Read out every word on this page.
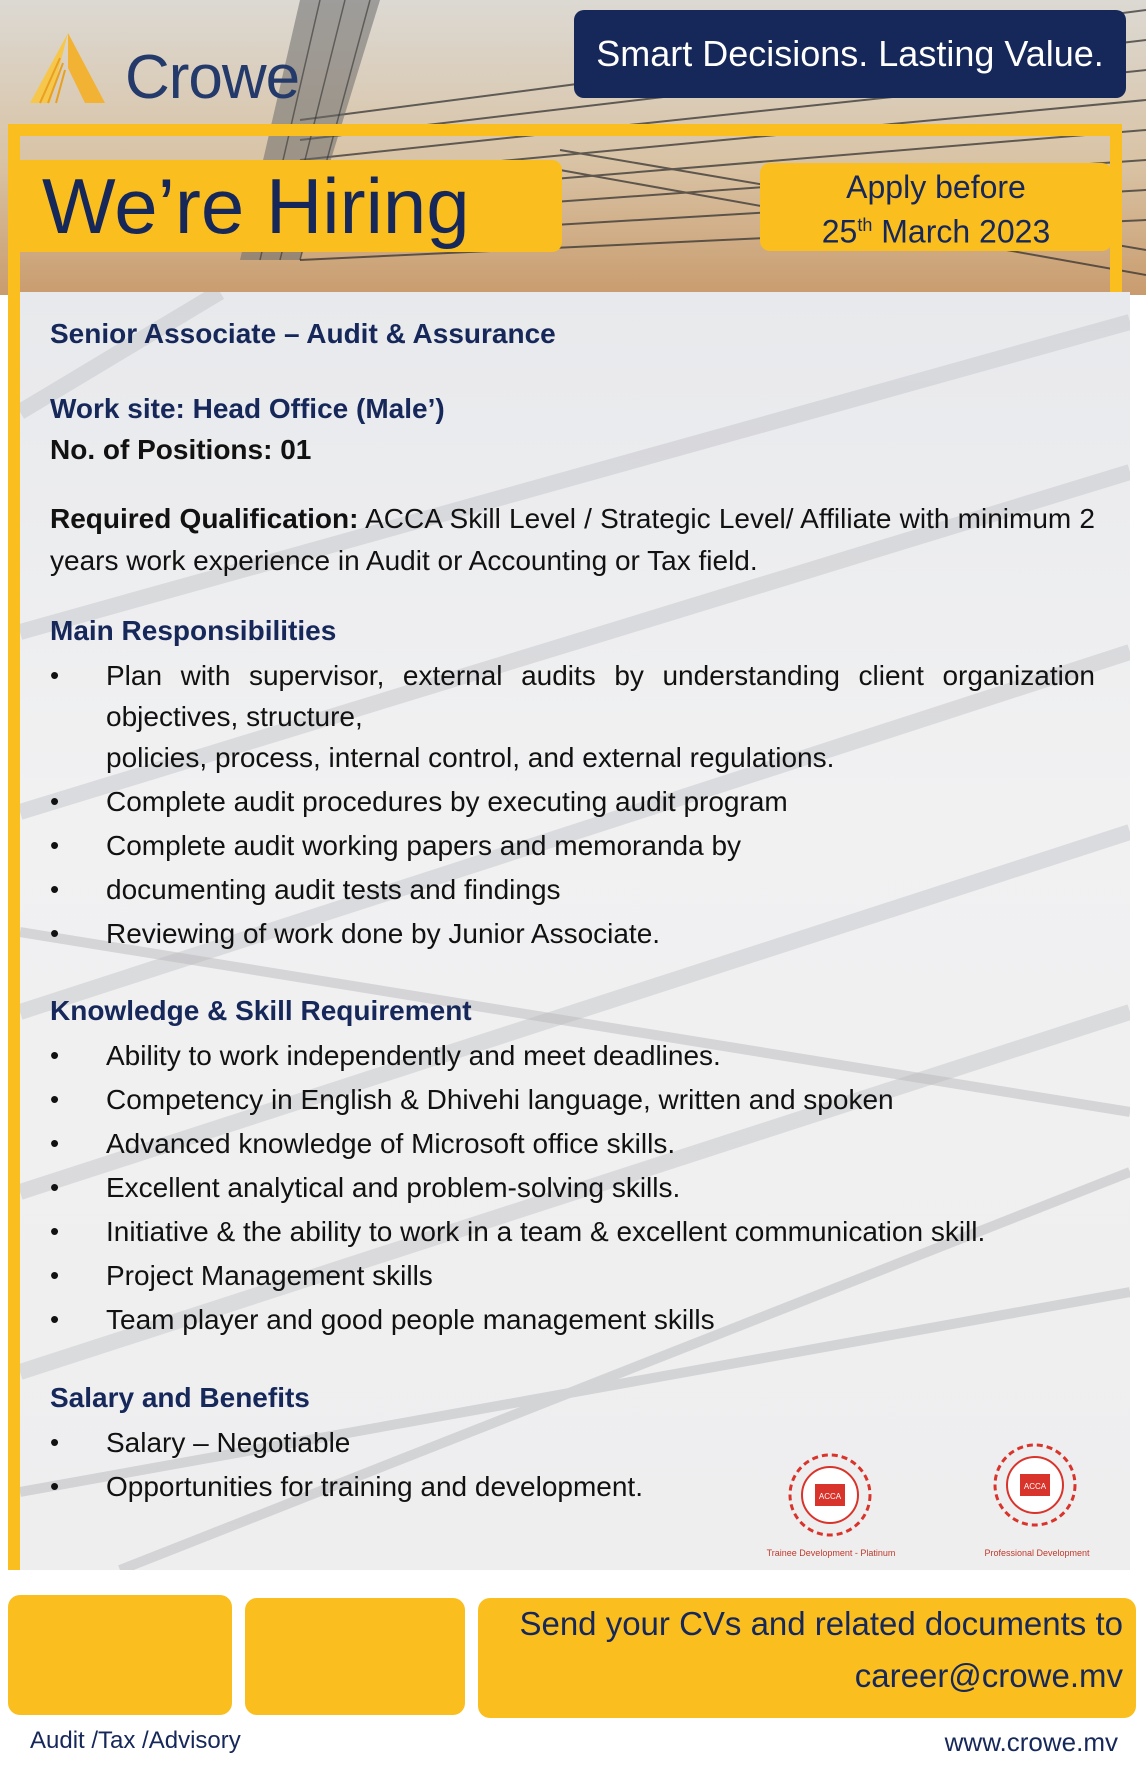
Crowe	Smart Decisions. Lasting Value.
We’re Hiring	Apply before
25th March 2023

Senior Associate – Audit & Assurance

Work site: Head Office (Male’)

No. of Positions: 01

Required Qualification: ACCA Skill Level / Strategic Level/ Affiliate with minimum 2 years work experience in Audit or Accounting or Tax field.

Main Responsibilities

• Plan with supervisor, external audits by understanding client organization objectives, structure,
policies, process, internal control, and external regulations.
• Complete audit procedures by executing audit program
• Complete audit working papers and memoranda by
• documenting audit tests and findings
• Reviewing of work done by Junior Associate.

Knowledge & Skill Requirement

• Ability to work independently and meet deadlines.
• Competency in English & Dhivehi language, written and spoken
• Advanced knowledge of Microsoft office skills.
• Excellent analytical and problem-solving skills.
• Initiative & the ability to work in a team & excellent communication skill.
• Project Management skills
• Team player and good people management skills

Salary and Benefits

• Salary – Negotiable
• Opportunities for training and development.	ACCA
Trainee Development - Platinum
ACCA
Professional Development
Send your CVs and related documents to
career@crowe.mv
Audit /Tax /Advisory	www.crowe.mv
